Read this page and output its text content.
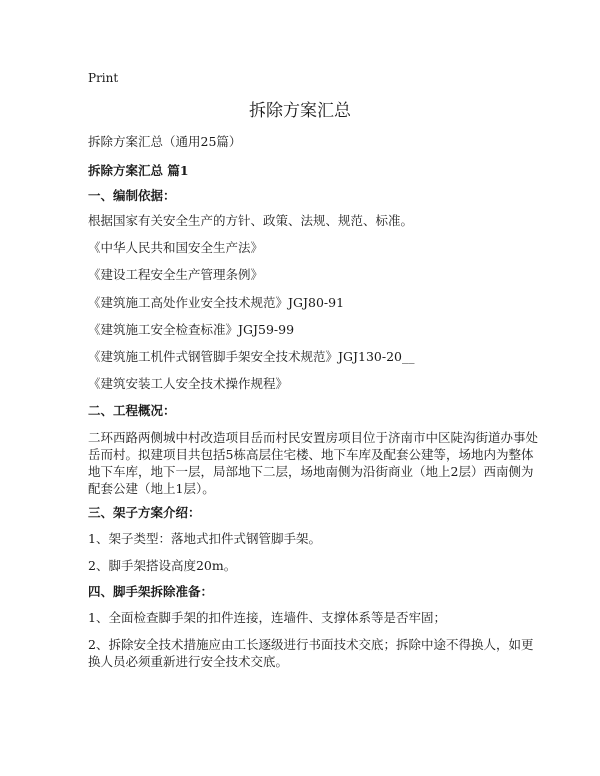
Print
拆除方案汇总
拆除方案汇总（通用25篇）
拆除方案汇总 篇1
一、编制依据：
根据国家有关安全生产的方针、政策、法规、规范、标准。
《中华人民共和国安全生产法》
《建设工程安全生产管理条例》
《建筑施工高处作业安全技术规范》JGJ80-91
《建筑施工安全检查标准》JGJ59-99
《建筑施工机件式钢管脚手架安全技术规范》JGJ130-20__
《建筑安装工人安全技术操作规程》
二、工程概况：
二环西路两侧城中村改造项目岳而村民安置房项目位于济南市中区陡沟街道办事处
岳而村。拟建项目共包括5栋高层住宅楼、地下车库及配套公建等，场地内为整体
地下车库，地下一层，局部地下二层，场地南侧为沿街商业（地上2层）西南侧为
配套公建（地上1层）。
三、架子方案介绍：
1、架子类型：落地式扣件式钢管脚手架。
2、脚手架搭设高度20m。
四、脚手架拆除准备：
1、全面检查脚手架的扣件连接，连墙件、支撑体系等是否牢固；
2、拆除安全技术措施应由工长逐级进行书面技术交底；拆除中途不得换人，如更
换人员必须重新进行安全技术交底。
